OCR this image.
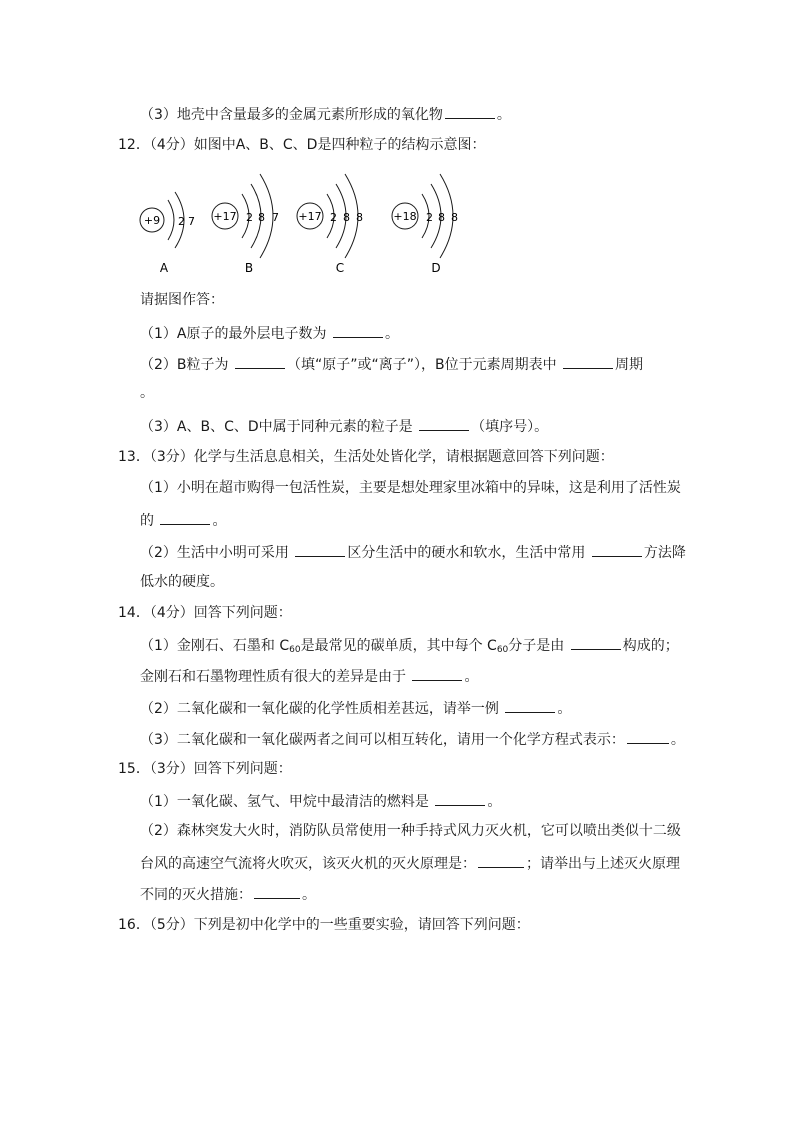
（3）地壳中含量最多的金属元素所形成的氧化物	。
12．（4分）如图中A、B、C、D是四种粒子的结构示意图：
+9 2 7
A
+17 2 8 7
B
+17 2 8 8
C
+18 2 8 8
D
请据图作答：
（1）A原子的最外层电子数为	。
（2）B粒子为	（填“原子”或“离子”），B位于元素周期表中	周期
。
（3）A、B、C、D中属于同种元素的粒子是	（填序号）。
13．（3分）化学与生活息息相关，生活处处皆化学，请根据题意回答下列问题：
（1）小明在超市购得一包活性炭，主要是想处理家里冰箱中的异味，这是利用了活性炭
的	。
（2）生活中小明可采用	区分生活中的硬水和软水，生活中常用	方法降
低水的硬度。
14．（4分）回答下列问题：
（1）金刚石、石墨和 $C_{60}$是最常见的碳单质，其中每个 $C_{60}$分子是由	构成的；
金刚石和石墨物理性质有很大的差异是由于	。
（2）二氧化碳和一氧化碳的化学性质相差甚远，请举一例	。
（3）二氧化碳和一氧化碳两者之间可以相互转化，请用一个化学方程式表示：	。
15．（3分）回答下列问题：
（1）一氧化碳、氢气、甲烷中最清洁的燃料是	。
（2）森林突发大火时，消防队员常使用一种手持式风力灭火机，它可以喷出类似十二级
台风的高速空气流将火吹灭，该灭火机的灭火原理是：	；请举出与上述灭火原理
不同的灭火措施：	。
16．（5分）下列是初中化学中的一些重要实验，请回答下列问题：
